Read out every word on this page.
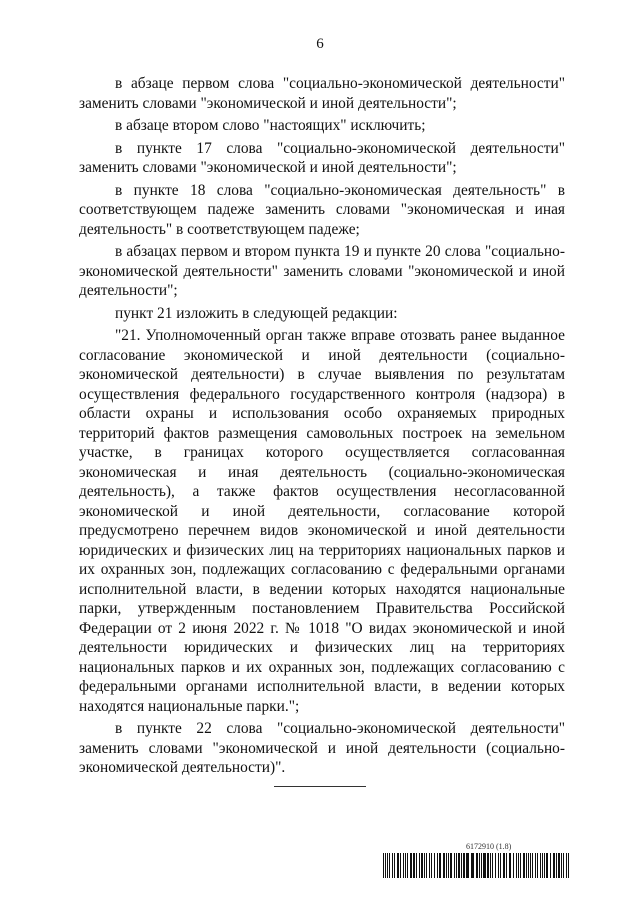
6

в абзаце первом слова "социально-экономической деятельности" заменить словами "экономической и иной деятельности";

в абзаце втором слово "настоящих" исключить;

в пункте 17 слова "социально-экономической деятельности" заменить словами "экономической и иной деятельности";

в пункте 18 слова "социально-экономическая деятельность" в соответствующем падеже заменить словами "экономическая и иная деятельность" в соответствующем падеже;

в абзацах первом и втором пункта 19 и пункте 20 слова "социально-экономической деятельности" заменить словами "экономической и иной деятельности";

пункт 21 изложить в следующей редакции:

"21. Уполномоченный орган также вправе отозвать ранее выданное согласование экономической и иной деятельности (социально-экономической деятельности) в случае выявления по результатам осуществления федерального государственного контроля (надзора) в области охраны и использования особо охраняемых природных территорий фактов размещения самовольных построек на земельном участке, в границах которого осуществляется согласованная экономическая и иная деятельность (социально-экономическая деятельность), а также фактов осуществления несогласованной экономической и иной деятельности, согласование которой предусмотрено перечнем видов экономической и иной деятельности юридических и физических лиц на территориях национальных парков и их охранных зон, подлежащих согласованию с федеральными органами исполнительной власти, в ведении которых находятся национальные парки, утвержденным постановлением Правительства Российской Федерации от 2 июня 2022 г. № 1018 "О видах экономической и иной деятельности юридических и физических лиц на территориях национальных парков и их охранных зон, подлежащих согласованию с федеральными органами исполнительной власти, в ведении которых находятся национальные парки.";

в пункте 22 слова "социально-экономической деятельности" заменить словами "экономической и иной деятельности (социально-экономической деятельности)".

6172910 (1.8)
